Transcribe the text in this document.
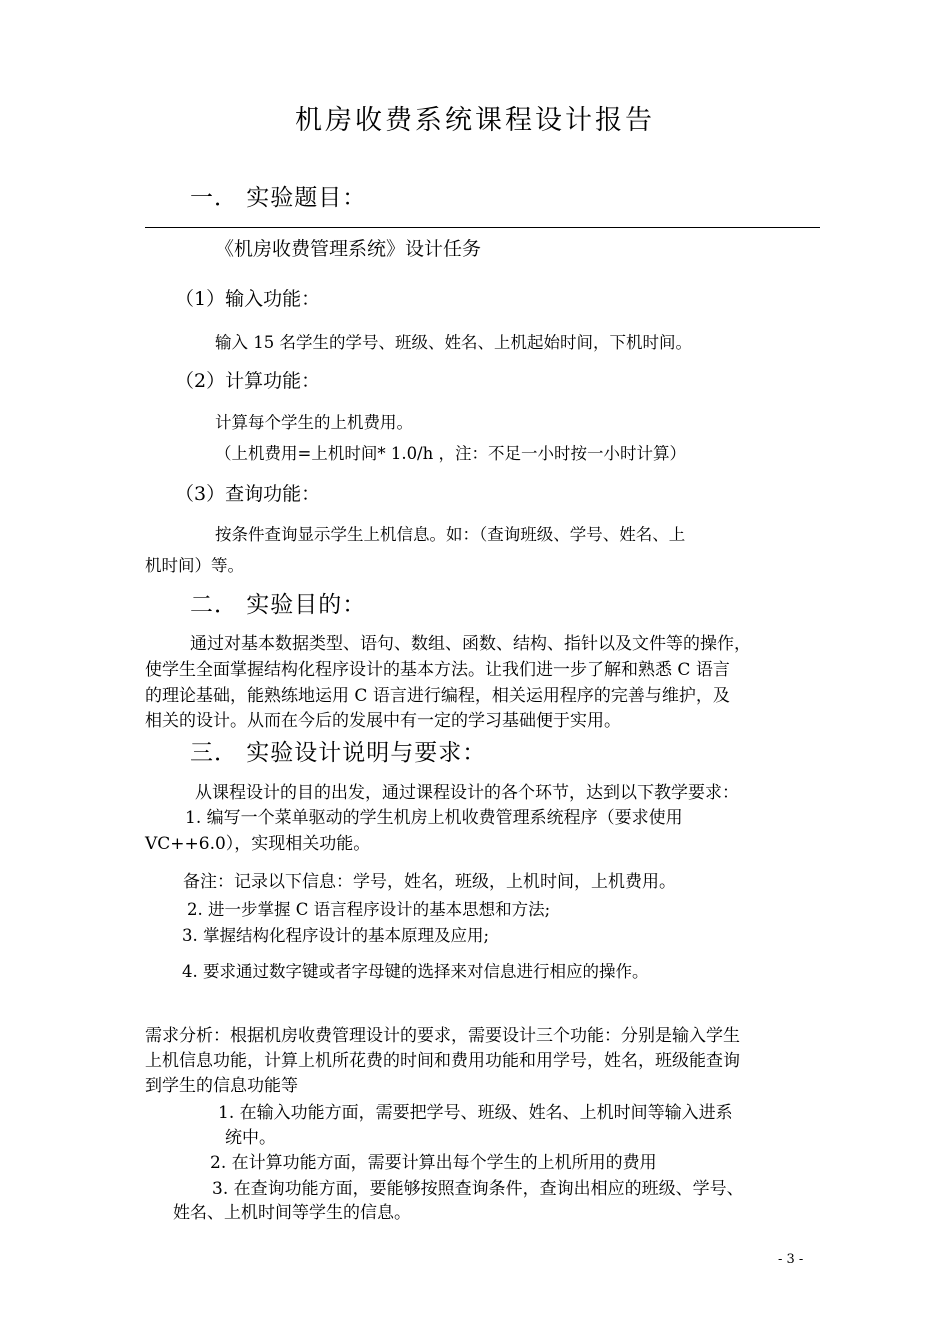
机房收费系统课程设计报告
一． 实验题目：
《机房收费管理系统》设计任务
（1）输入功能：
输入 15 名学生的学号、班级、姓名、上机起始时间，下机时间。
（2）计算功能：
计算每个学生的上机费用。
（上机费用=上机时间* 1.0/h ，注：不足一小时按一小时计算）
（3）查询功能：
按条件查询显示学生上机信息。如：（查询班级、学号、姓名、上
机时间）等。
二． 实验目的：
通过对基本数据类型、语句、数组、函数、结构、指针以及文件等的操作，
使学生全面掌握结构化程序设计的基本方法。让我们进一步了解和熟悉 C 语言
的理论基础，能熟练地运用 C 语言进行编程，相关运用程序的完善与维护，及
相关的设计。从而在今后的发展中有一定的学习基础便于实用。
三． 实验设计说明与要求：
从课程设计的目的出发，通过课程设计的各个环节，达到以下教学要求：
1. 编写一个菜单驱动的学生机房上机收费管理系统程序（要求使用
VC++6.0），实现相关功能。
备注：记录以下信息：学号，姓名，班级，上机时间，上机费用。
2. 进一步掌握 C 语言程序设计的基本思想和方法;
3. 掌握结构化程序设计的基本原理及应用;
4. 要求通过数字键或者字母键的选择来对信息进行相应的操作。
需求分析：根据机房收费管理设计的要求，需要设计三个功能：分别是输入学生
上机信息功能，计算上机所花费的时间和费用功能和用学号，姓名，班级能查询
到学生的信息功能等
1. 在输入功能方面，需要把学号、班级、姓名、上机时间等输入进系
统中。
2. 在计算功能方面，需要计算出每个学生的上机所用的费用
3. 在查询功能方面，要能够按照查询条件，查询出相应的班级、学号、
姓名、上机时间等学生的信息。
- 3 -
